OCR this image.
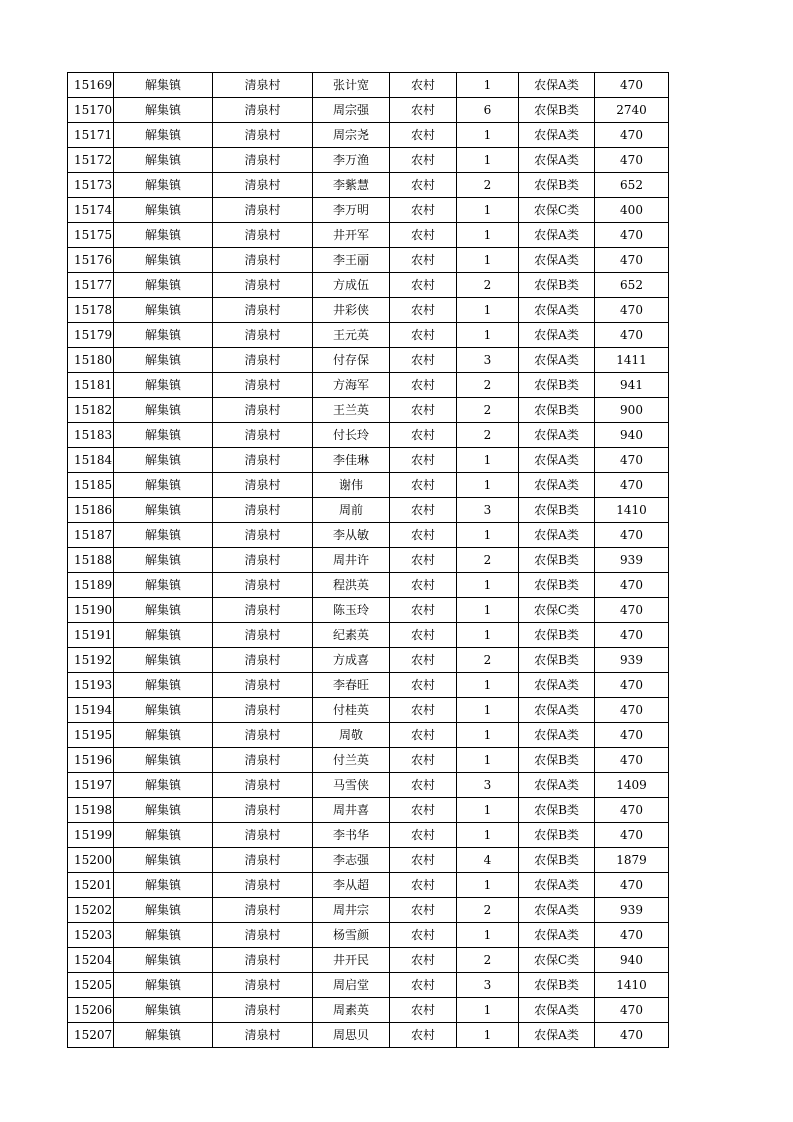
15169	解集镇	清泉村	张计宽	农村	1	农保A类	470
15170	解集镇	清泉村	周宗强	农村	6	农保B类	2740
15171	解集镇	清泉村	周宗尧	农村	1	农保A类	470
15172	解集镇	清泉村	李万渔	农村	1	农保A类	470
15173	解集镇	清泉村	李紫慧	农村	2	农保B类	652
15174	解集镇	清泉村	李万明	农村	1	农保C类	400
15175	解集镇	清泉村	井开军	农村	1	农保A类	470
15176	解集镇	清泉村	李王丽	农村	1	农保A类	470
15177	解集镇	清泉村	方成伍	农村	2	农保B类	652
15178	解集镇	清泉村	井彩侠	农村	1	农保A类	470
15179	解集镇	清泉村	王元英	农村	1	农保A类	470
15180	解集镇	清泉村	付存保	农村	3	农保A类	1411
15181	解集镇	清泉村	方海军	农村	2	农保B类	941
15182	解集镇	清泉村	王兰英	农村	2	农保B类	900
15183	解集镇	清泉村	付长玲	农村	2	农保A类	940
15184	解集镇	清泉村	李佳琳	农村	1	农保A类	470
15185	解集镇	清泉村	谢伟	农村	1	农保A类	470
15186	解集镇	清泉村	周前	农村	3	农保B类	1410
15187	解集镇	清泉村	李从敏	农村	1	农保A类	470
15188	解集镇	清泉村	周井许	农村	2	农保B类	939
15189	解集镇	清泉村	程洪英	农村	1	农保B类	470
15190	解集镇	清泉村	陈玉玲	农村	1	农保C类	470
15191	解集镇	清泉村	纪素英	农村	1	农保B类	470
15192	解集镇	清泉村	方成喜	农村	2	农保B类	939
15193	解集镇	清泉村	李春旺	农村	1	农保A类	470
15194	解集镇	清泉村	付桂英	农村	1	农保A类	470
15195	解集镇	清泉村	周敬	农村	1	农保A类	470
15196	解集镇	清泉村	付兰英	农村	1	农保B类	470
15197	解集镇	清泉村	马雪侠	农村	3	农保A类	1409
15198	解集镇	清泉村	周井喜	农村	1	农保B类	470
15199	解集镇	清泉村	李书华	农村	1	农保B类	470
15200	解集镇	清泉村	李志强	农村	4	农保B类	1879
15201	解集镇	清泉村	李从超	农村	1	农保A类	470
15202	解集镇	清泉村	周井宗	农村	2	农保A类	939
15203	解集镇	清泉村	杨雪颜	农村	1	农保A类	470
15204	解集镇	清泉村	井开民	农村	2	农保C类	940
15205	解集镇	清泉村	周启堂	农村	3	农保B类	1410
15206	解集镇	清泉村	周素英	农村	1	农保A类	470
15207	解集镇	清泉村	周思贝	农村	1	农保A类	470
